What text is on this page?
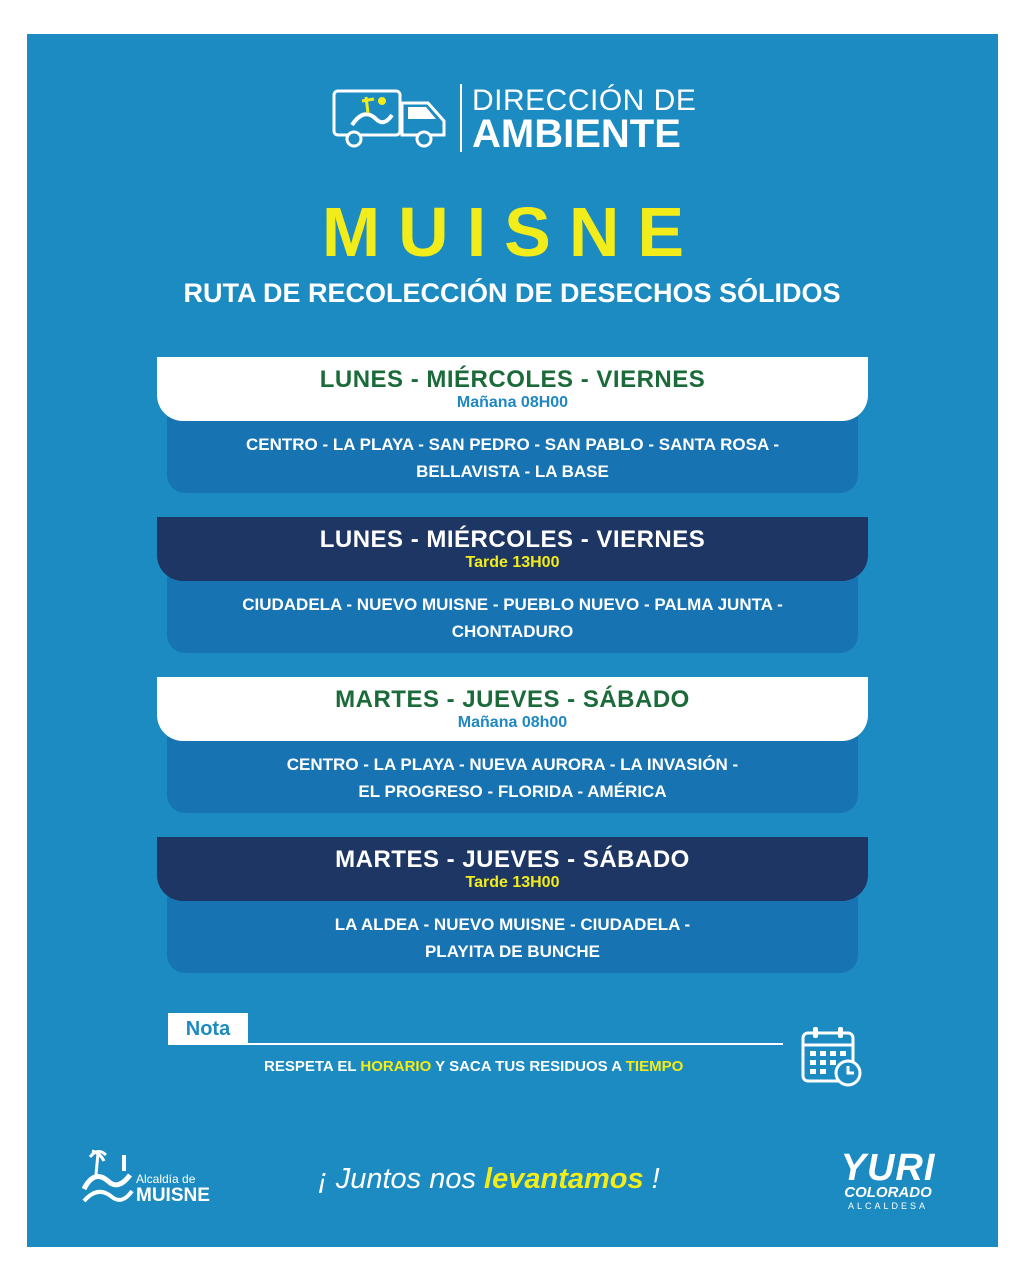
DIRECCIÓN DE
AMBIENTE
MUISNE
RUTA DE RECOLECCIÓN DE DESECHOS SÓLIDOS
LUNES - MIÉRCOLES - VIERNES
Mañana 08H00
CENTRO - LA PLAYA - SAN PEDRO - SAN PABLO - SANTA ROSA -
BELLAVISTA - LA BASE
LUNES - MIÉRCOLES - VIERNES
Tarde 13H00
CIUDADELA - NUEVO MUISNE - PUEBLO NUEVO - PALMA JUNTA -
CHONTADURO
MARTES - JUEVES - SÁBADO
Mañana 08h00
CENTRO - LA PLAYA - NUEVA AURORA - LA INVASIÓN -
EL PROGRESO - FLORIDA - AMÉRICA
MARTES - JUEVES - SÁBADO
Tarde 13H00
LA ALDEA - NUEVO MUISNE - CIUDADELA -
PLAYITA DE BUNCHE
Nota
RESPETA EL HORARIO Y SACA TUS RESIDUOS A TIEMPO
Alcaldía de
MUISNE
¡ Juntos nos levantamos !	YURI
COLORADO
ALCALDESA
